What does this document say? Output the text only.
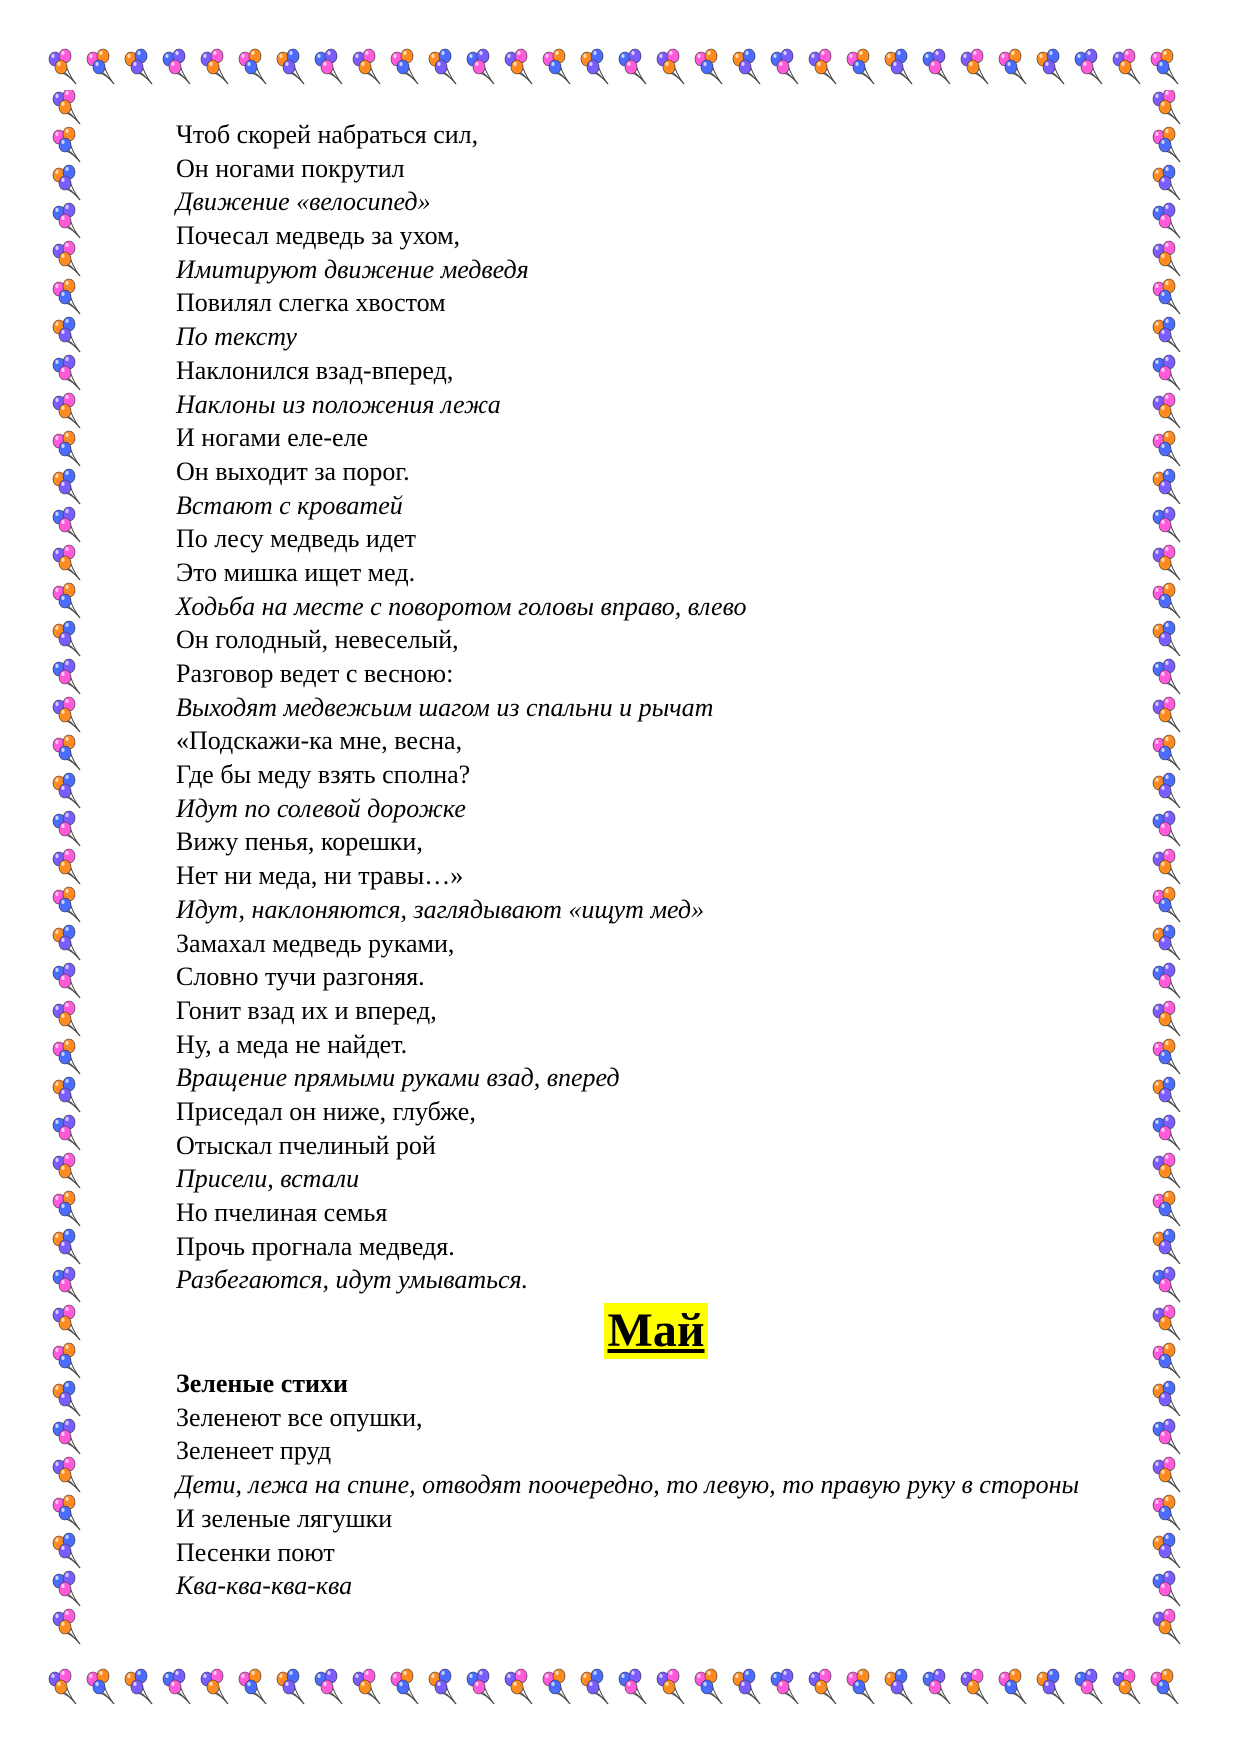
Чтоб скорей набраться сил,
Он ногами покрутил
Движение «велосипед»
Почесал медведь за ухом,
Имитируют движение медведя
Повилял слегка хвостом
По тексту
Наклонился взад-вперед,
Наклоны из положения лежа
И ногами еле-еле
Он выходит за порог.
Встают с кроватей
По лесу медведь идет
Это мишка ищет мед.
Ходьба на месте с поворотом головы вправо, влево
Он голодный, невеселый,
Разговор ведет с весною:
Выходят медвежьим шагом из спальни и рычат
«Подскажи-ка мне, весна,
Где бы меду взять сполна?
Идут по солевой дорожке
Вижу пенья, корешки,
Нет ни меда, ни травы…»
Идут, наклоняются, заглядывают «ищут мед»
Замахал медведь руками,
Словно тучи разгоняя.
Гонит взад их и вперед,
Ну, а меда не найдет.
Вращение прямыми руками взад, вперед
Приседал он ниже, глубже,
Отыскал пчелиный рой
Присели, встали
Но пчелиная семья
Прочь прогнала медведя.
Разбегаются, идут умываться.
Май
Зеленые стихи
Зеленеют все опушки,
Зеленеет пруд
Дети, лежа на спине, отводят поочередно, то левую, то правую руку в стороны
И зеленые лягушки
Песенки поют
Ква-ква-ква-ква
